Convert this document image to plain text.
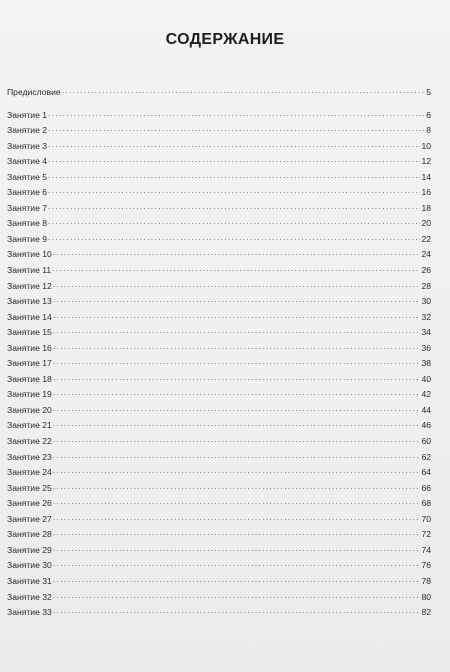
СОДЕРЖАНИЕ
Предисловие .....	5
Занятие 1 .....	6
Занятие 2 .....	8
Занятие 3 .....	10
Занятие 4 .....	12
Занятие 5 .....	14
Занятие 6 .....	16
Занятие 7 .....	18
Занятие 8 .....	20
Занятие 9 .....	22
Занятие 10 .....	24
Занятие 11 .....	26
Занятие 12 .....	28
Занятие 13 .....	30
Занятие 14 .....	32
Занятие 15 .....	34
Занятие 16 .....	36
Занятие 17 .....	38
Занятие 18 .....	40
Занятие 19 .....	42
Занятие 20 .....	44
Занятие 21 .....	46
Занятие 22 .....	60
Занятие 23 .....	62
Занятие 24 .....	64
Занятие 25 .....	66
Занятие 26 .....	68
Занятие 27 .....	70
Занятие 28 .....	72
Занятие 29 .....	74
Занятие 30 .....	76
Занятие 31 .....	78
Занятие 32 .....	80
Занятие 33 .....	82
